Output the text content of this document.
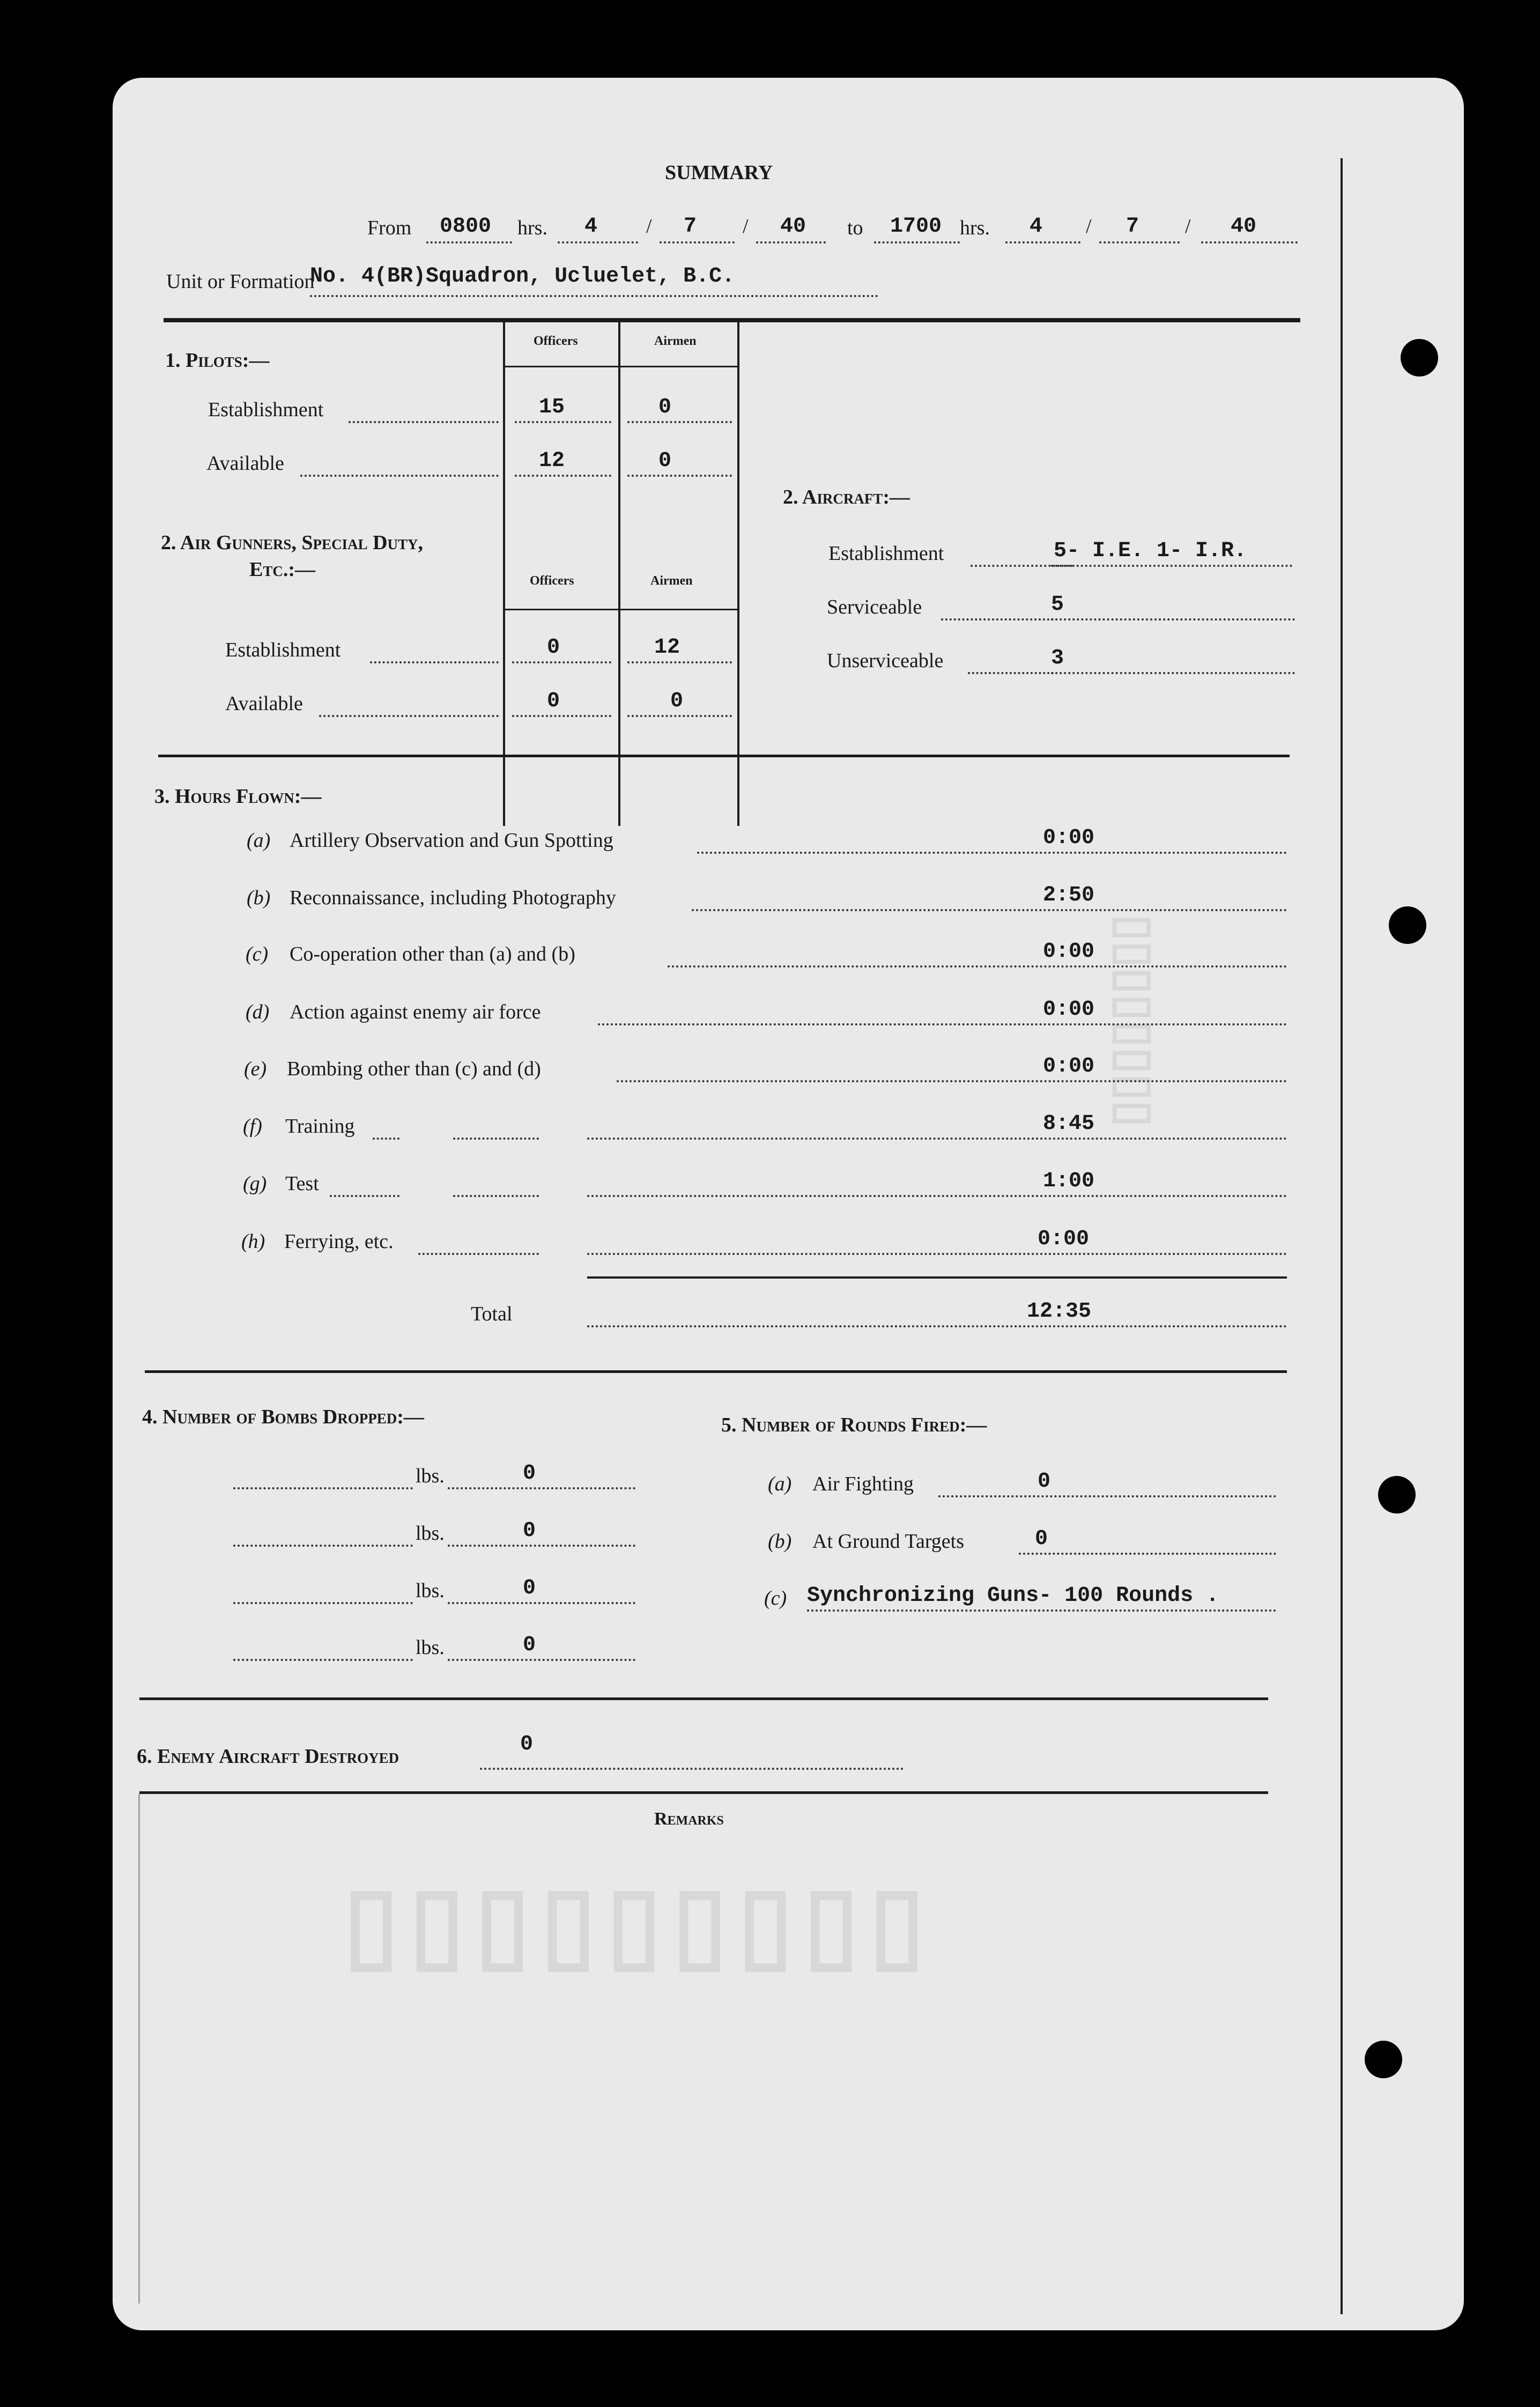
▯▯▯▯▯▯▯▯▯
▯▯▯▯▯▯▯▯
SUMMARY
From 0800 hrs. 4 / 7 / 40 to 1700 hrs. 4 / 7 / 40
Unit or Formation
No. 4(BR)Squadron, Ucluelet, B.C.
1. Pilots:—
Officers	Airmen
Establishment	15	0
Available	12	0
2. Air Gunners, Special Duty,
Etc.:—	Officers	Airmen
Establishment	0	12
Available	0	0
2. Aircraft:—
Establishment	5- I.E. 1- I.R.
Serviceable	5
Unserviceable	3
3. Hours Flown:—
(a) Artillery Observation and Gun Spotting	0:00
(b) Reconnaissance, including Photography	2:50
(c) Co-operation other than (a) and (b)	0:00
(d) Action against enemy air force	0:00
(e) Bombing other than (c) and (d)	0:00
(f) Training	8:45
(g) Test	1:00
(h) Ferrying, etc.	0:00
Total	12:35
4. Number of Bombs Dropped:—
lbs.	0
lbs.	0
lbs.	0
lbs.	0
5. Number of Rounds Fired:—
(a) Air Fighting	0
(b) At Ground Targets	0
(c) Synchronizing Guns- 100 Rounds .
6. Enemy Aircraft Destroyed	0
Remarks
